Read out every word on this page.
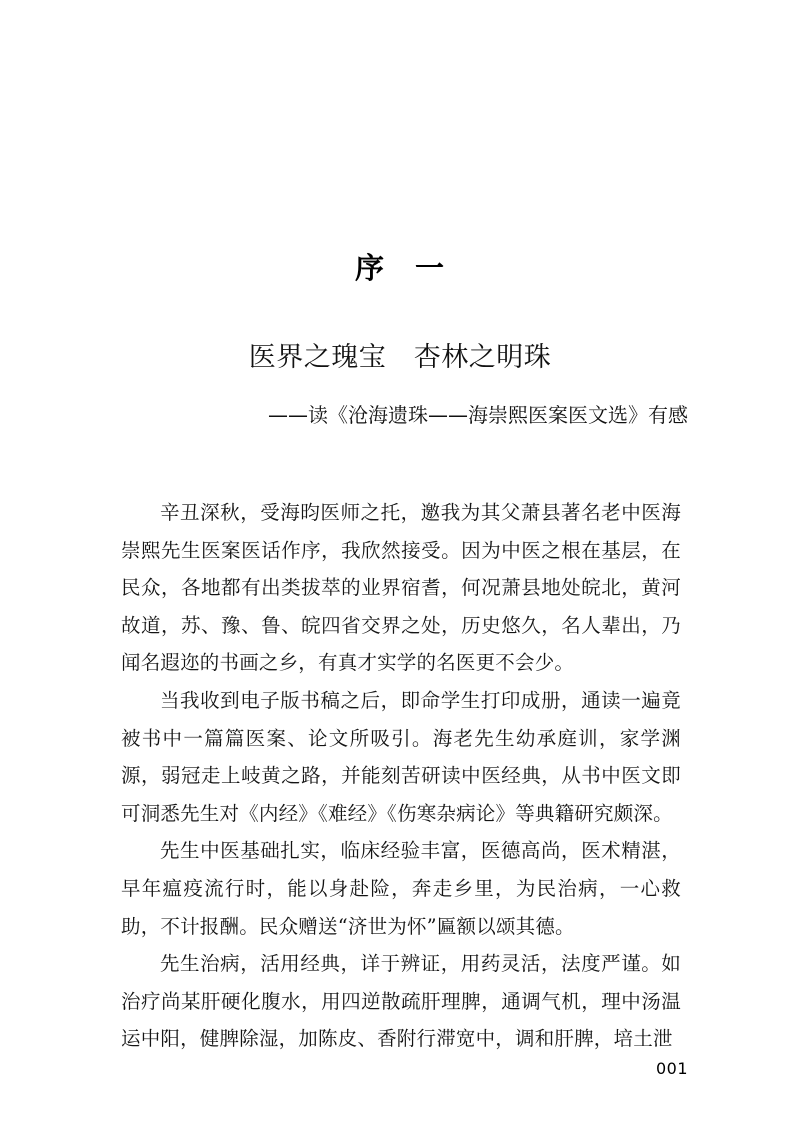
序　一
医界之瑰宝　杏林之明珠
——读《沧海遗珠——海崇熙医案医文选》有感

辛丑深秋，受海昀医师之托，邀我为其父萧县著名老中医海崇熙先生医案医话作序，我欣然接受。因为中医之根在基层，在民众，各地都有出类拔萃的业界宿耆，何况萧县地处皖北，黄河故道，苏、豫、鲁、皖四省交界之处，历史悠久，名人辈出，乃闻名遐迩的书画之乡，有真才实学的名医更不会少。

当我收到电子版书稿之后，即命学生打印成册，通读一遍竟被书中一篇篇医案、论文所吸引。海老先生幼承庭训，家学渊源，弱冠走上岐黄之路，并能刻苦研读中医经典，从书中医文即可洞悉先生对《内经》《难经》《伤寒杂病论》等典籍研究颇深。

先生中医基础扎实，临床经验丰富，医德高尚，医术精湛，早年瘟疫流行时，能以身赴险，奔走乡里，为民治病，一心救助，不计报酬。民众赠送“济世为怀”匾额以颂其德。

先生治病，活用经典，详于辨证，用药灵活，法度严谨。如治疗尚某肝硬化腹水，用四逆散疏肝理脾，通调气机，理中汤温运中阳，健脾除湿，加陈皮、香附行滞宽中，调和肝脾，培土泄

001
